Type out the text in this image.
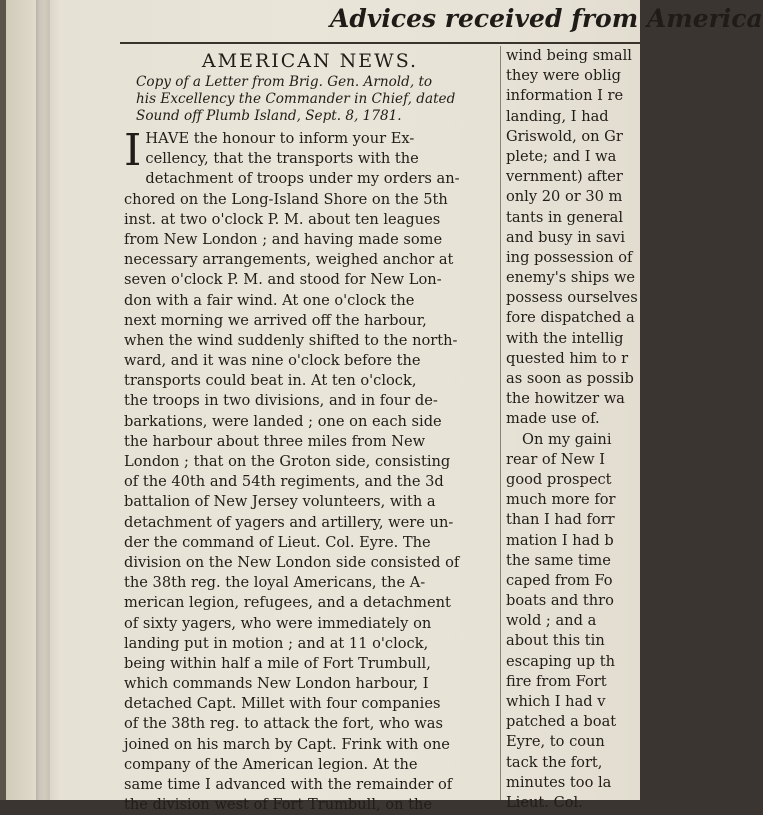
Advices received from America
AMERICAN NEWS.
Copy of a Letter from Brig. Gen. Arnold, to
his Excellency the Commander in Chief, dated
Sound off Plumb Island, Sept. 8, 1781.
I HAVE the honour to inform your Ex-
cellency, that the transports with the
detachment of troops under my orders an-
chored on the Long-Island Shore on the 5th
inst. at two o'clock P. M. about ten leagues
from New London ; and having made some
necessary arrangements, weighed anchor at
seven o'clock P. M. and stood for New Lon-
don with a fair wind. At one o'clock the
next morning we arrived off the harbour,
when the wind suddenly shifted to the north-
ward, and it was nine o'clock before the
transports could beat in. At ten o'clock,
the troops in two divisions, and in four de-
barkations, were landed ; one on each side
the harbour about three miles from New
London ; that on the Groton side, consisting
of the 40th and 54th regiments, and the 3d
battalion of New Jersey volunteers, with a
detachment of yagers and artillery, were un-
der the command of Lieut. Col. Eyre. The
division on the New London side consisted of
the 38th reg. the loyal Americans, the A-
merican legion, refugees, and a detachment
of sixty yagers, who were immediately on
landing put in motion ; and at 11 o'clock,
being within half a mile of Fort Trumbull,
which commands New London harbour, I
detached Capt. Millet with four companies
of the 38th reg. to attack the fort, who was
joined on his march by Capt. Frink with one
company of the American legion. At the
same time I advanced with the remainder of
the division west of Fort Trumbull, on the
wind being small
they were oblig
information I re
landing, I had
Griswold, on Gr
plete; and I wa
vernment) after
only 20 or 30 m
tants in general
and busy in savi
ing possession of
enemy's ships we
possess ourselves
fore dispatched a
with the intellig
quested him to r
as soon as possib
the howitzer wa
made use of.
On my gaini
rear of New I
good prospect
much more for
than I had forr
mation I had b
the same time
caped from Fo
boats and thro
wold ; and a
about this tin
escaping up th
fire from Fort
which I had v
patched a boat
Eyre, to coun
tack the fort,
minutes too la
Lieut. Col.
